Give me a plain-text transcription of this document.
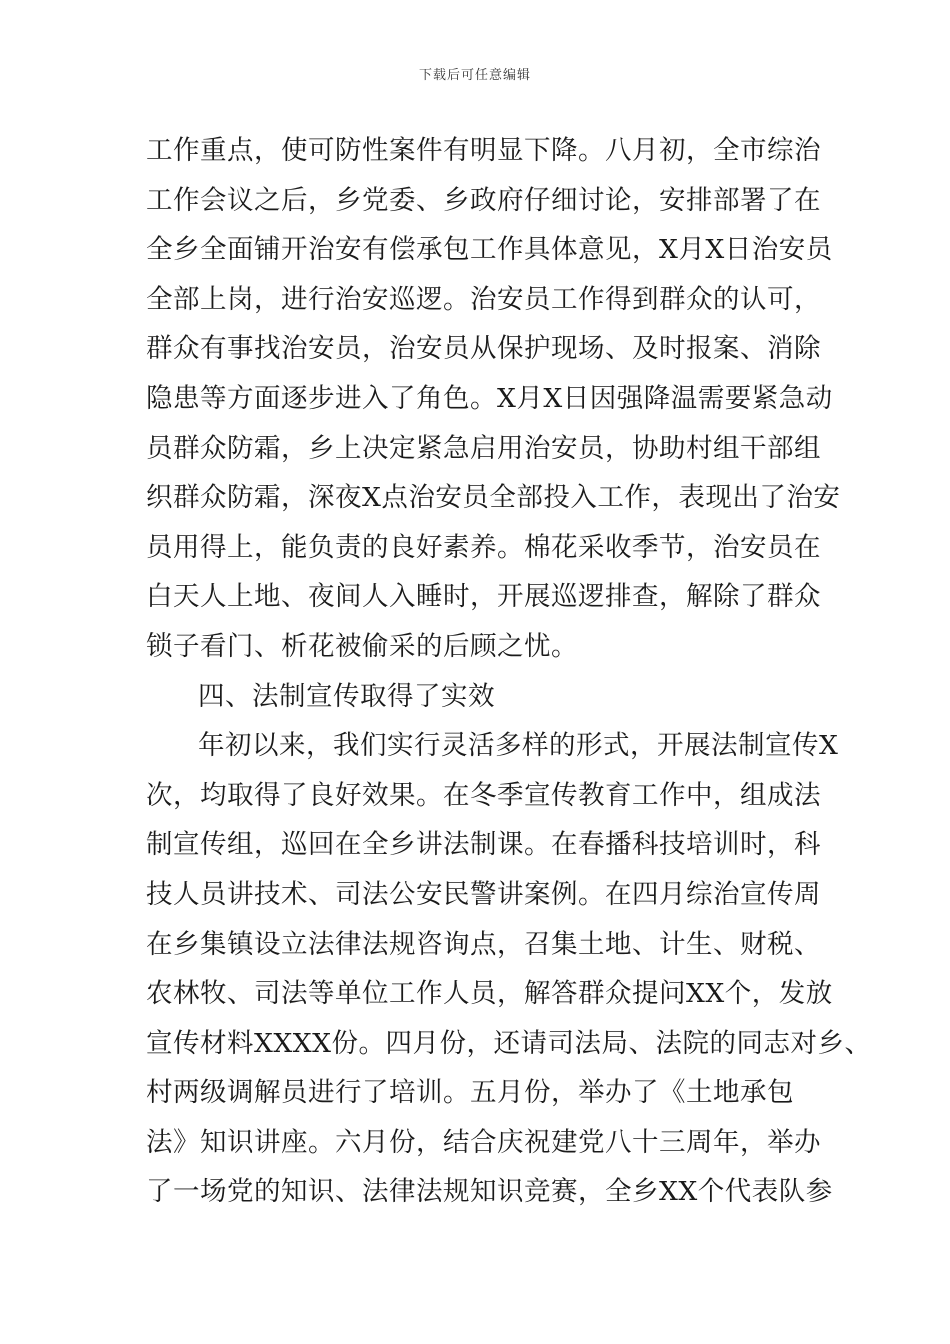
下载后可任意编辑
工作重点，使可防性案件有明显下降。八月初，全市综治
工作会议之后，乡党委、乡政府仔细讨论，安排部署了在
全乡全面铺开治安有偿承包工作具体意见，X月X日治安员
全部上岗，进行治安巡逻。治安员工作得到群众的认可，
群众有事找治安员，治安员从保护现场、及时报案、消除
隐患等方面逐步进入了角色。X月X日因强降温需要紧急动
员群众防霜，乡上决定紧急启用治安员，协助村组干部组
织群众防霜，深夜X点治安员全部投入工作，表现出了治安
员用得上，能负责的良好素养。棉花采收季节，治安员在
白天人上地、夜间人入睡时，开展巡逻排查，解除了群众
锁子看门、析花被偷采的后顾之忧。
四、法制宣传取得了实效
年初以来，我们实行灵活多样的形式，开展法制宣传X
次，均取得了良好效果。在冬季宣传教育工作中，组成法
制宣传组，巡回在全乡讲法制课。在春播科技培训时，科
技人员讲技术、司法公安民警讲案例。在四月综治宣传周
在乡集镇设立法律法规咨询点，召集土地、计生、财税、
农林牧、司法等单位工作人员，解答群众提问XX个，发放
宣传材料XXXX份。四月份，还请司法局、法院的同志对乡、
村两级调解员进行了培训。五月份，举办了《土地承包
法》知识讲座。六月份，结合庆祝建党八十三周年，举办
了一场党的知识、法律法规知识竞赛，全乡XX个代表队参
